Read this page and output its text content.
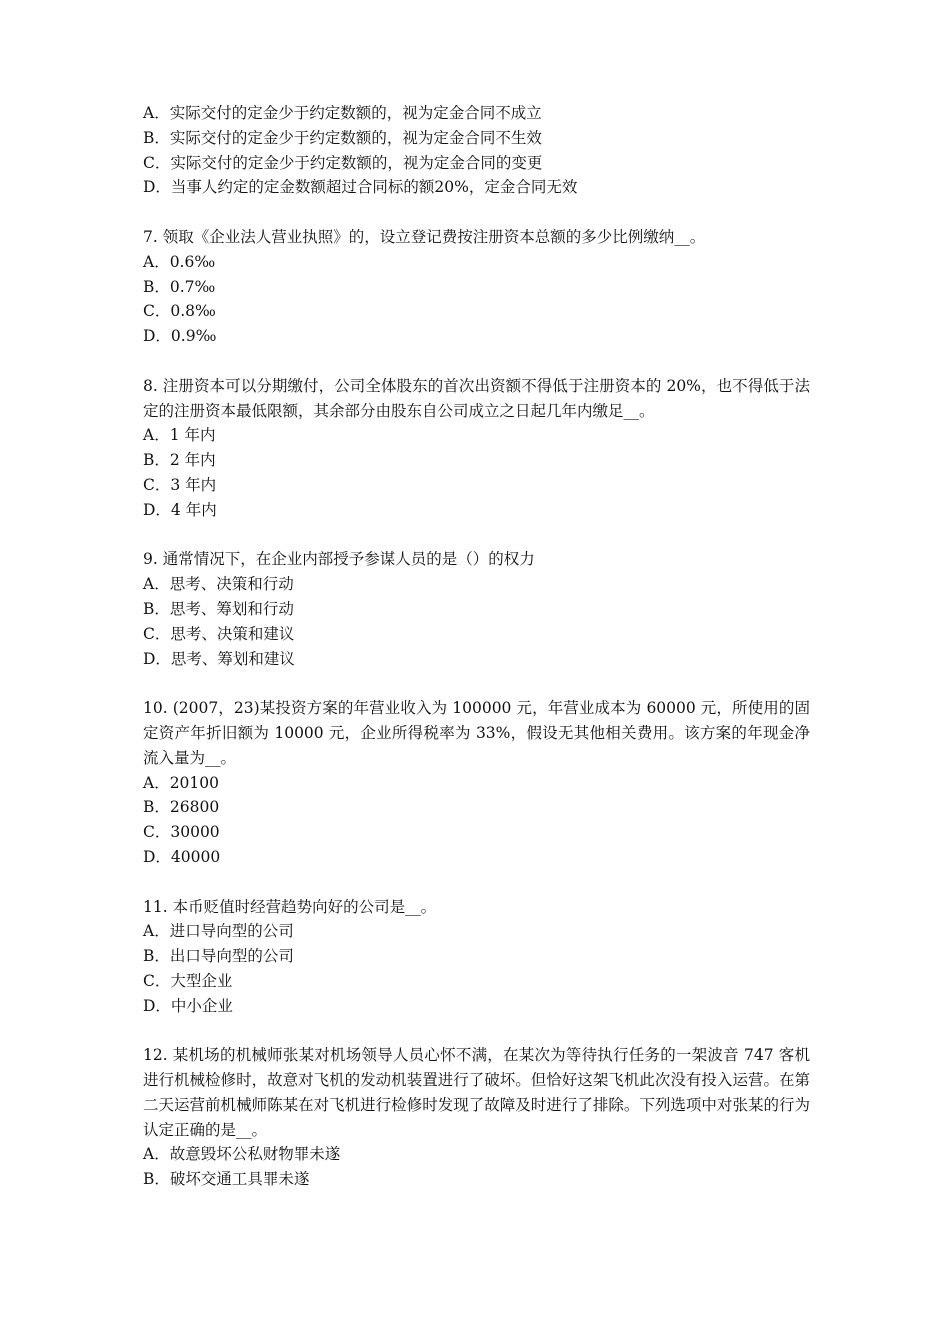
A．实际交付的定金少于约定数额的，视为定金合同不成立
B．实际交付的定金少于约定数额的，视为定金合同不生效
C．实际交付的定金少于约定数额的，视为定金合同的变更
D．当事人约定的定金数额超过合同标的额20%，定金合同无效
7. 领取《企业法人营业执照》的，设立登记费按注册资本总额的多少比例缴纳__。
A．0.6‰
B．0.7‰
C．0.8‰
D．0.9‰
8. 注册资本可以分期缴付，公司全体股东的首次出资额不得低于注册资本的 20%，也不得低于法定的注册资本最低限额，其余部分由股东自公司成立之日起几年内缴足__。
A．1 年内
B．2 年内
C．3 年内
D．4 年内
9. 通常情况下，在企业内部授予参谋人员的是（）的权力
A．思考、决策和行动
B．思考、筹划和行动
C．思考、决策和建议
D．思考、筹划和建议
10. (2007，23)某投资方案的年营业收入为 100000 元，年营业成本为 60000 元，所使用的固定资产年折旧额为 10000 元，企业所得税率为 33%，假设无其他相关费用。该方案的年现金净流入量为__。
A．20100
B．26800
C．30000
D．40000
11. 本币贬值时经营趋势向好的公司是__。
A．进口导向型的公司
B．出口导向型的公司
C．大型企业
D．中小企业
12. 某机场的机械师张某对机场领导人员心怀不满，在某次为等待执行任务的一架波音 747 客机进行机械检修时，故意对飞机的发动机装置进行了破坏。但恰好这架飞机此次没有投入运营。在第二天运营前机械师陈某在对飞机进行检修时发现了故障及时进行了排除。下列选项中对张某的行为认定正确的是__。
A．故意毁坏公私财物罪未遂
B．破坏交通工具罪未遂
